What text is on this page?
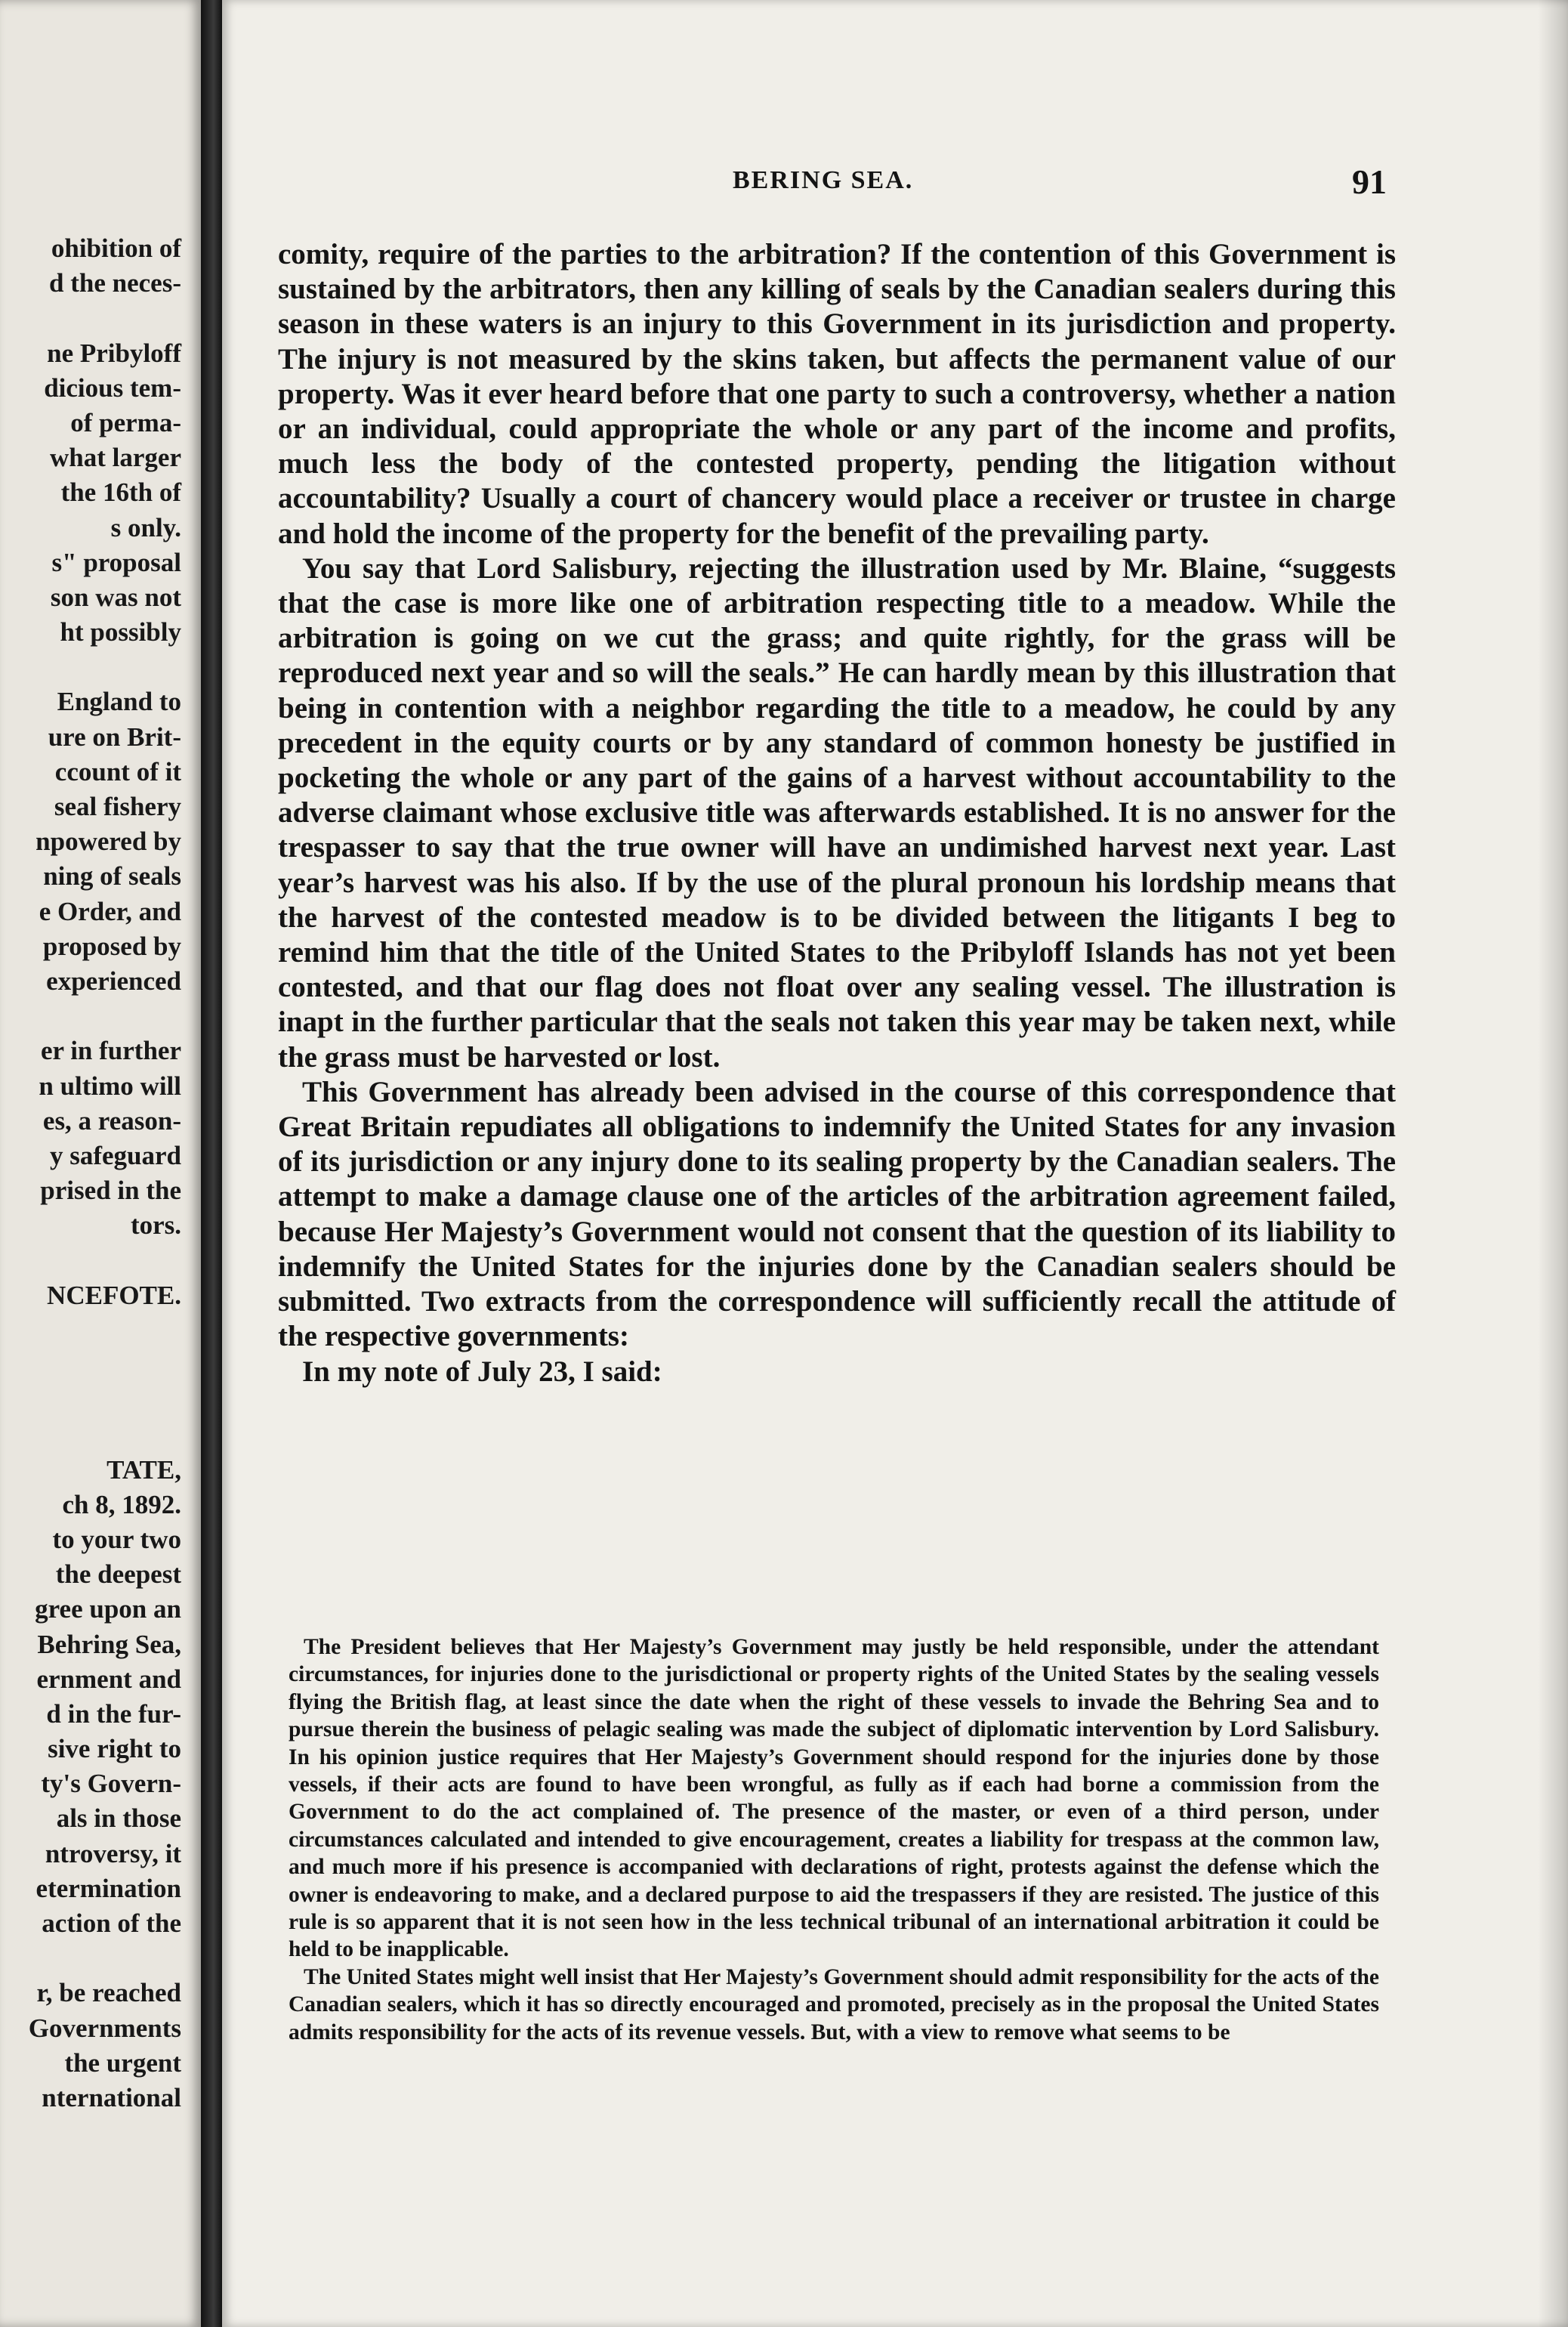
ohibition of
d the neces-
ne Pribyloff
dicious tem-
of perma-
what larger
the 16th of
s only.
s" proposal
son was not
ht possibly
England to
ure on Brit-
ccount of it
seal fishery
npowered by
ning of seals
e Order, and
proposed by
experienced
er in further
n ultimo will
es, a reason-
y safeguard
prised in the
tors.
NCEFOTE.
TATE,
ch 8, 1892.
to your two
the deepest
gree upon an
Behring Sea,
ernment and
d in the fur-
sive right to
ty's Govern-
als in those
ntroversy, it
etermination
action of the
r, be reached
Governments
the urgent
nternational
BERING SEA.	91

comity, require of the parties to the arbitration? If the contention of this Government is sustained by the arbitrators, then any killing of seals by the Canadian sealers during this season in these waters is an injury to this Government in its jurisdiction and property. The injury is not measured by the skins taken, but affects the permanent value of our property. Was it ever heard before that one party to such a controversy, whether a nation or an individual, could appropriate the whole or any part of the income and profits, much less the body of the contested property, pending the litigation without accountability? Usually a court of chancery would place a receiver or trustee in charge and hold the income of the property for the benefit of the prevailing party.

You say that Lord Salisbury, rejecting the illustration used by Mr. Blaine, “suggests that the case is more like one of arbitration respecting title to a meadow. While the arbitration is going on we cut the grass; and quite rightly, for the grass will be reproduced next year and so will the seals.” He can hardly mean by this illustration that being in contention with a neighbor regarding the title to a meadow, he could by any precedent in the equity courts or by any standard of common honesty be justified in pocketing the whole or any part of the gains of a harvest without accountability to the adverse claimant whose exclusive title was afterwards established. It is no answer for the trespasser to say that the true owner will have an undimished harvest next year. Last year’s harvest was his also. If by the use of the plural pronoun his lordship means that the harvest of the contested meadow is to be divided between the litigants I beg to remind him that the title of the United States to the Pribyloff Islands has not yet been contested, and that our flag does not float over any sealing vessel. The illustration is inapt in the further particular that the seals not taken this year may be taken next, while the grass must be harvested or lost.

This Government has already been advised in the course of this correspondence that Great Britain repudiates all obligations to indemnify the United States for any invasion of its jurisdiction or any injury done to its sealing property by the Canadian sealers. The attempt to make a damage clause one of the articles of the arbitration agreement failed, because Her Majesty’s Government would not consent that the question of its liability to indemnify the United States for the injuries done by the Canadian sealers should be submitted. Two extracts from the correspondence will sufficiently recall the attitude of the respective governments:

In my note of July 23, I said:

The President believes that Her Majesty’s Government may justly be held responsible, under the attendant circumstances, for injuries done to the jurisdictional or property rights of the United States by the sealing vessels flying the British flag, at least since the date when the right of these vessels to invade the Behring Sea and to pursue therein the business of pelagic sealing was made the subject of diplomatic intervention by Lord Salisbury. In his opinion justice requires that Her Majesty’s Government should respond for the injuries done by those vessels, if their acts are found to have been wrongful, as fully as if each had borne a commission from the Government to do the act complained of. The presence of the master, or even of a third person, under circumstances calculated and intended to give encouragement, creates a liability for trespass at the common law, and much more if his presence is accompanied with declarations of right, protests against the defense which the owner is endeavoring to make, and a declared purpose to aid the trespassers if they are resisted. The justice of this rule is so apparent that it is not seen how in the less technical tribunal of an international arbitration it could be held to be inapplicable.

The United States might well insist that Her Majesty’s Government should admit responsibility for the acts of the Canadian sealers, which it has so directly encouraged and promoted, precisely as in the proposal the United States admits responsibility for the acts of its revenue vessels. But, with a view to remove what seems to be
